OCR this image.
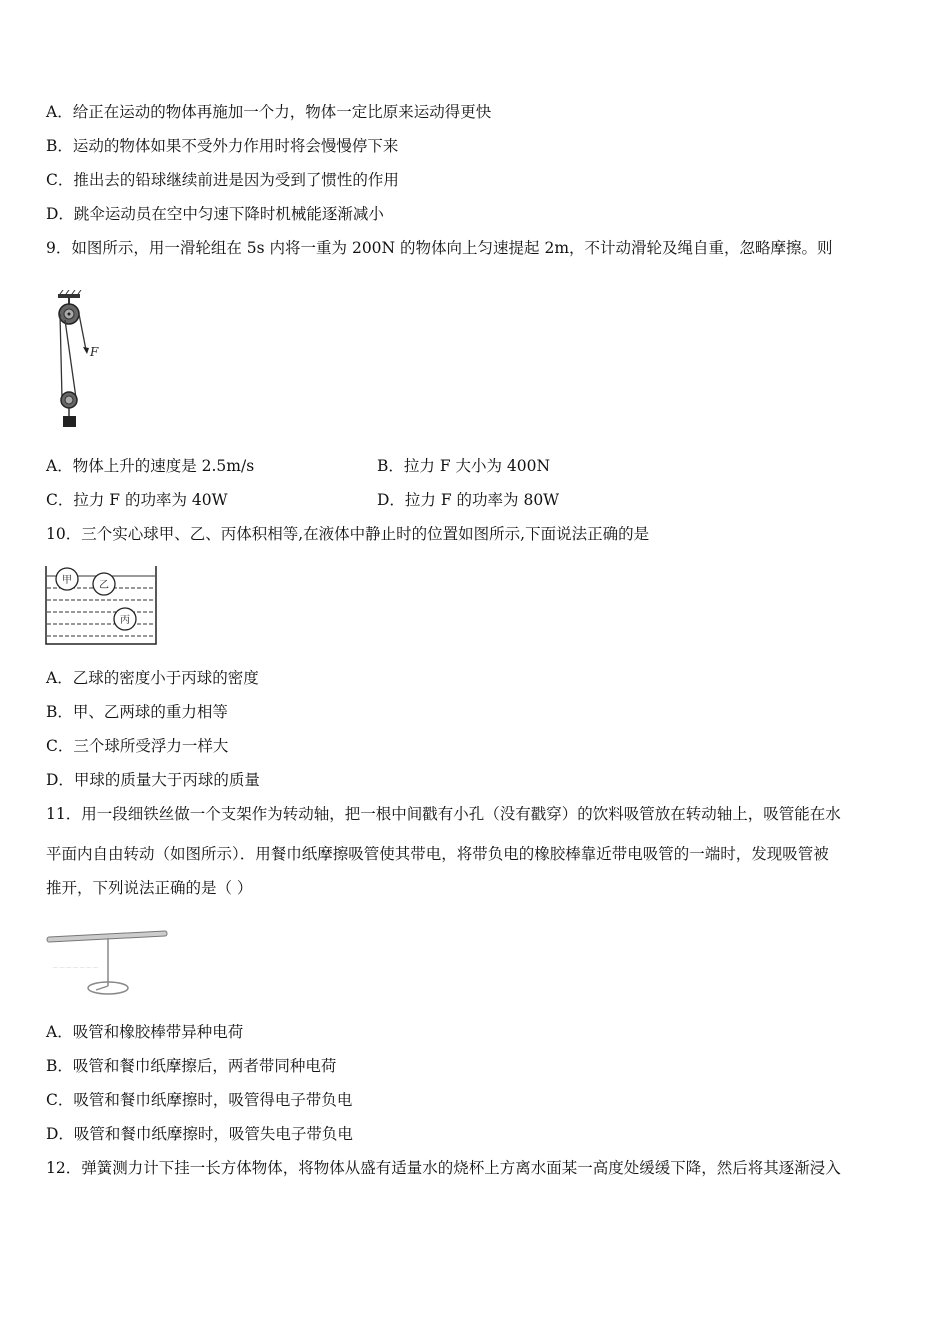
A．给正在运动的物体再施加一个力，物体一定比原来运动得更快
B．运动的物体如果不受外力作用时将会慢慢停下来
C．推出去的铅球继续前进是因为受到了惯性的作用
D．跳伞运动员在空中匀速下降时机械能逐渐减小
9．如图所示，用一滑轮组在 5s 内将一重为 200N 的物体向上匀速提起 2m，不计动滑轮及绳自重，忽略摩擦。则
F
A．物体上升的速度是 2.5m/s	B．拉力 F 大小为 400N
C．拉力 F 的功率为 40W	D．拉力 F 的功率为 80W
10．三个实心球甲、乙、丙体积相等,在液体中静止时的位置如图所示,下面说法正确的是
甲	乙
丙
A．乙球的密度小于丙球的密度
B．甲、乙两球的重力相等
C．三个球所受浮力一样大
D．甲球的质量大于丙球的质量
11．用一段细铁丝做一个支架作为转动轴，把一根中间戳有小孔（没有戳穿）的饮料吸管放在转动轴上，吸管能在水
平面内自由转动（如图所示）．用餐巾纸摩擦吸管使其带电，将带负电的橡胶棒靠近带电吸管的一端时，发现吸管被
推开，下列说法正确的是（ ）
~~~~~~~
A．吸管和橡胶棒带异种电荷
B．吸管和餐巾纸摩擦后，两者带同种电荷
C．吸管和餐巾纸摩擦时，吸管得电子带负电
D．吸管和餐巾纸摩擦时，吸管失电子带负电
12．弹簧测力计下挂一长方体物体，将物体从盛有适量水的烧杯上方离水面某一高度处缓缓下降，然后将其逐渐浸入
